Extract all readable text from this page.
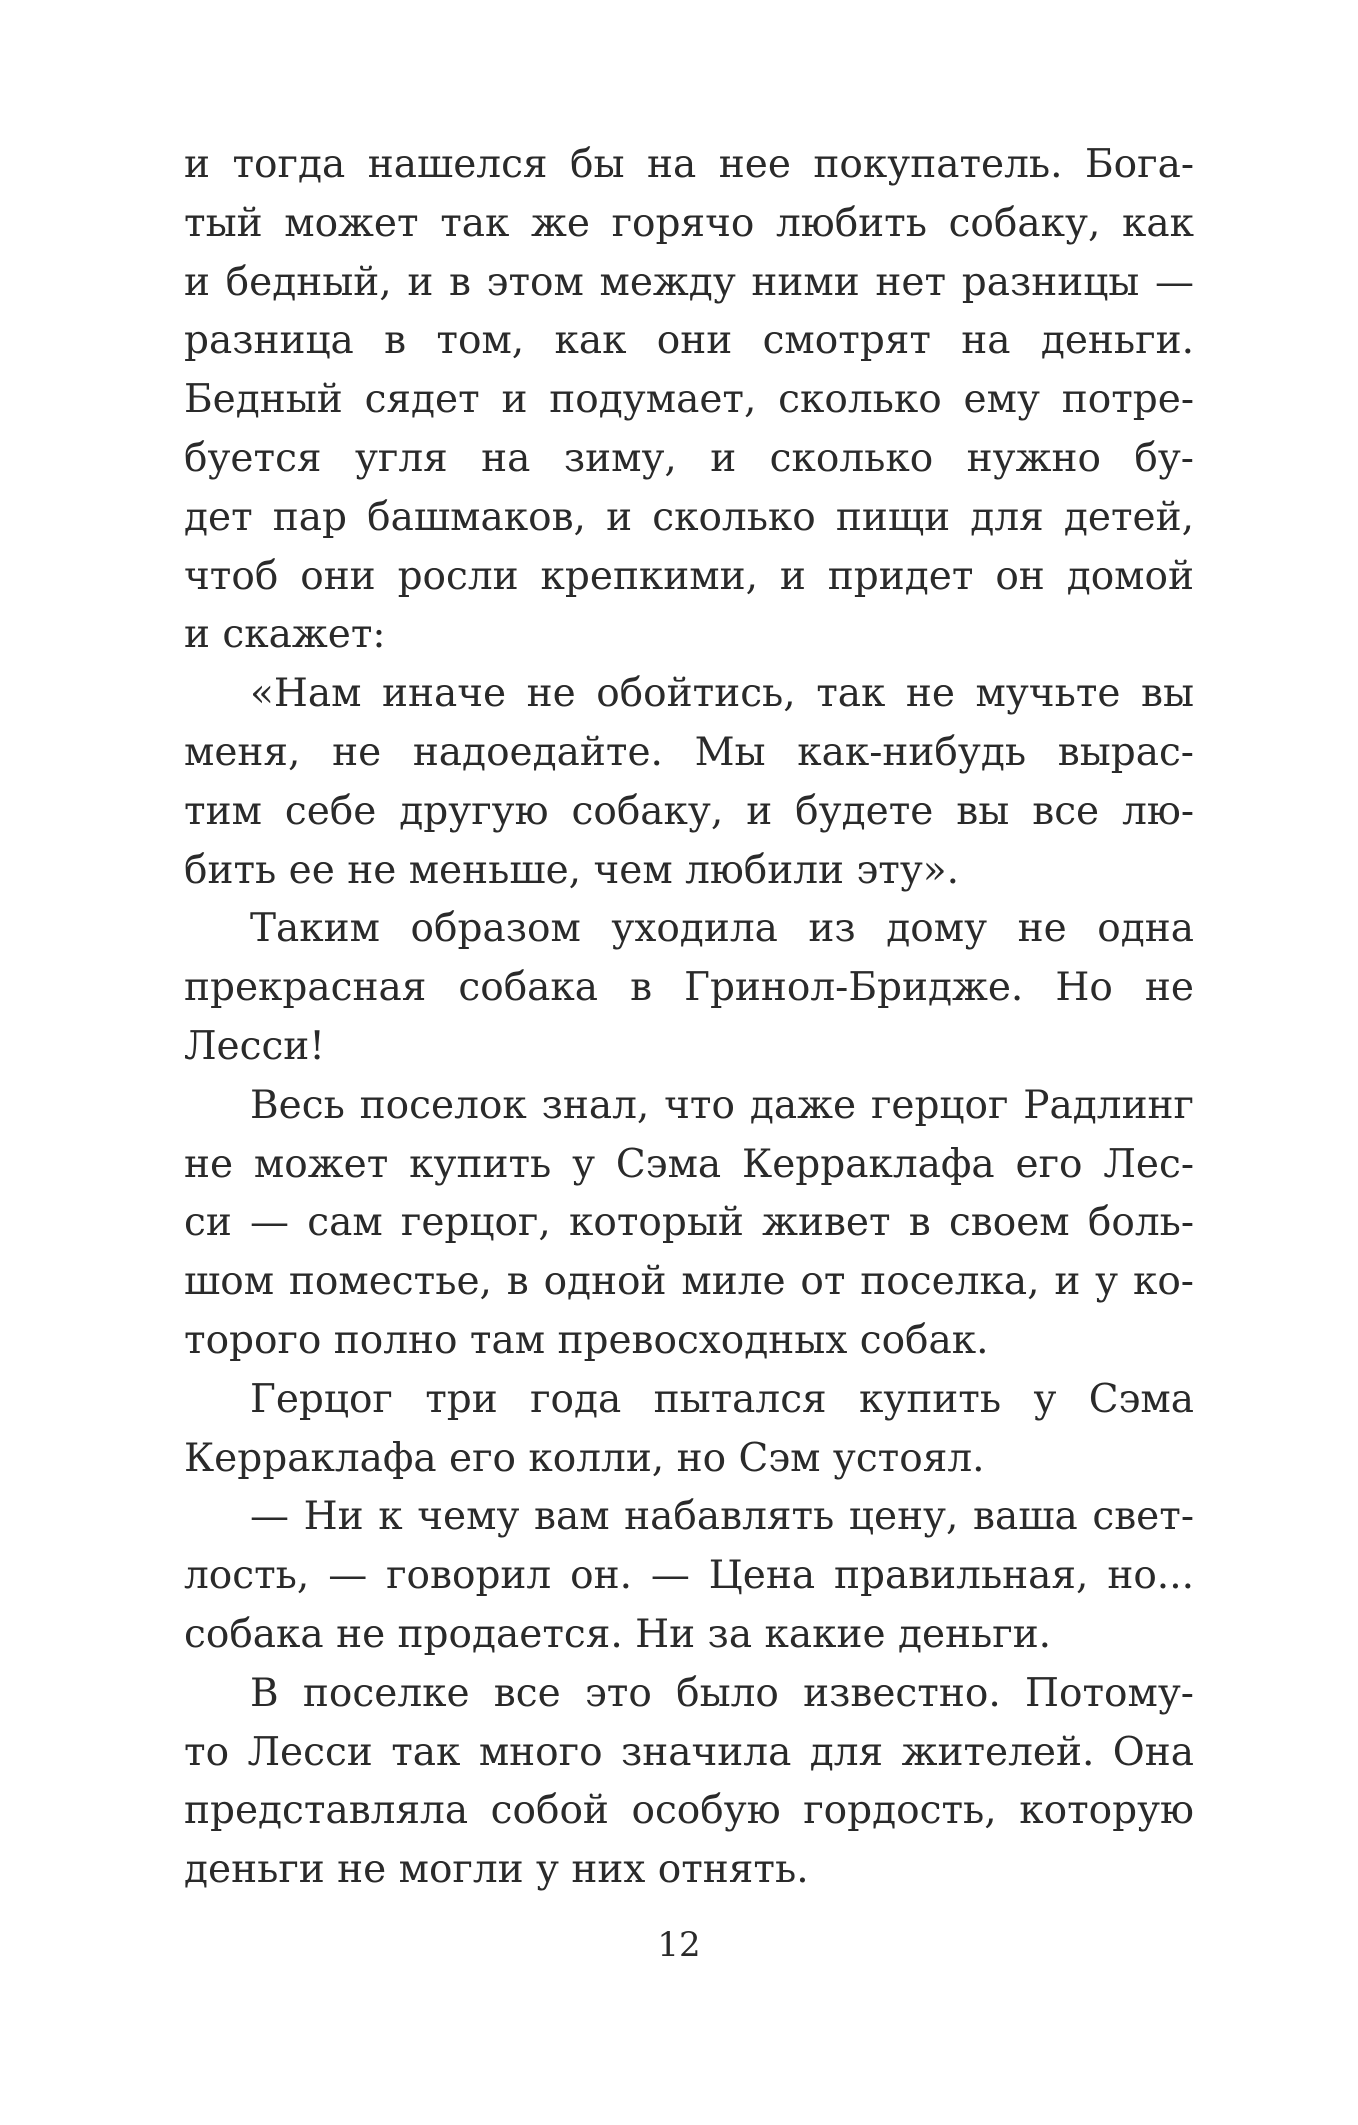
и тогда нашелся бы на нее покупатель. Бога-
тый может так же горячо любить собаку, как
и бедный, и в этом между ними нет разницы —
разница в том, как они смотрят на деньги.
Бедный сядет и подумает, сколько ему потре-
буется угля на зиму, и сколько нужно бу-
дет пар башмаков, и сколько пищи для детей,
чтоб они росли крепкими, и придет он домой
и скажет:
«Нам иначе не обойтись, так не мучьте вы
меня, не надоедайте. Мы как-нибудь вырас-
тим себе другую собаку, и будете вы все лю-
бить ее не меньше, чем любили эту».
Таким образом уходила из дому не одна
прекрасная собака в Гринол-Бридже. Но не
Лесси!
Весь поселок знал, что даже герцог Радлинг
не может купить у Сэма Керраклафа его Лес-
си — сам герцог, который живет в своем боль-
шом поместье, в одной миле от поселка, и у ко-
торого полно там превосходных собак.
Герцог три года пытался купить у Сэма
Керраклафа его колли, но Сэм устоял.
— Ни к чему вам набавлять цену, ваша свет-
лость, — говорил он. — Цена правильная, но...
собака не продается. Ни за какие деньги.
В поселке все это было известно. Потому-
то Лесси так много значила для жителей. Она
представляла собой особую гордость, которую
деньги не могли у них отнять.
12
